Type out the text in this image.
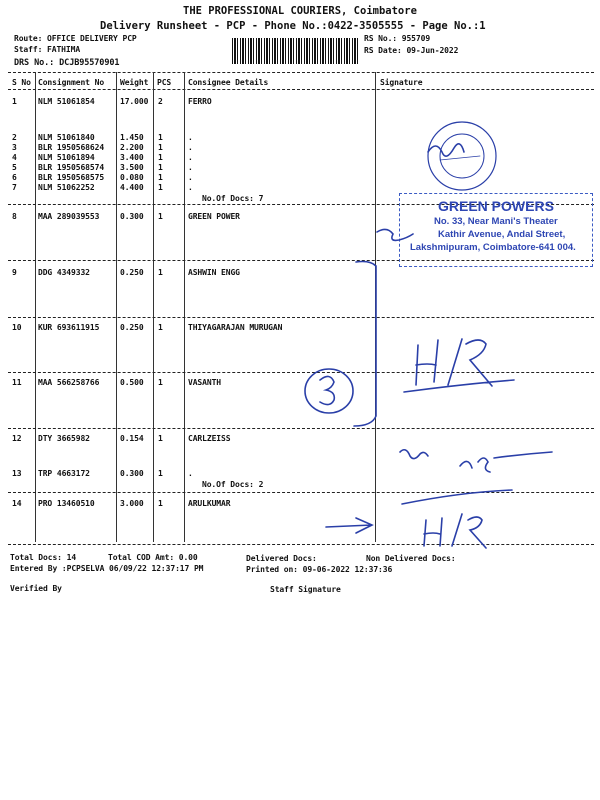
THE PROFESSIONAL COURIERS, Coimbatore
Delivery Runsheet - PCP - Phone No.:0422-3505555 - Page No.:1
Route: OFFICE DELIVERY PCP
Staff: FATHIMA
DRS No.: DCJB95570901
RS No.: 955709
RS Date: 09-Jun-2022
S No Consignment No Weight PCS Consignee Details	Signature
1	NLM 51061854	17.000 2	FERRO
2	NLM 51061840	1.450 1	.
3	BLR 1950568624 2.200 1	.
4	NLM 51061894	3.400 1	.
5	BLR 1950568574 3.500 1	.
6	BLR 1950568575 0.080 1	.
7	NLM 51062252	4.400 1	.
No.Of Docs: 7
8	MAA 289039553	0.300 1	GREEN POWER
9	DDG 4349332	0.250 1	ASHWIN ENGG
10 KUR 693611915	0.250 1	THIYAGARAJAN MURUGAN
11 MAA 566258766	0.500 1	VASANTH
12 DTY 3665982	0.154 1	CARLZEISS
13 TRP 4663172	0.300 1	.
No.Of Docs: 2
14 PRO 13460510	3.000 1	ARULKUMAR
Total Docs: 14	Total COD Amt: 0.00	Delivered Docs:	Non Delivered Docs:
Entered By :PCPSELVA 06/09/22 12:37:17 PM	Printed on: 09-06-2022 12:37:36
Verified By	Staff Signature
GREEN POWERS
No. 33, Near Mani's Theater
Kathir Avenue, Andal Street,
Lakshmipuram, Coimbatore-641 004.
